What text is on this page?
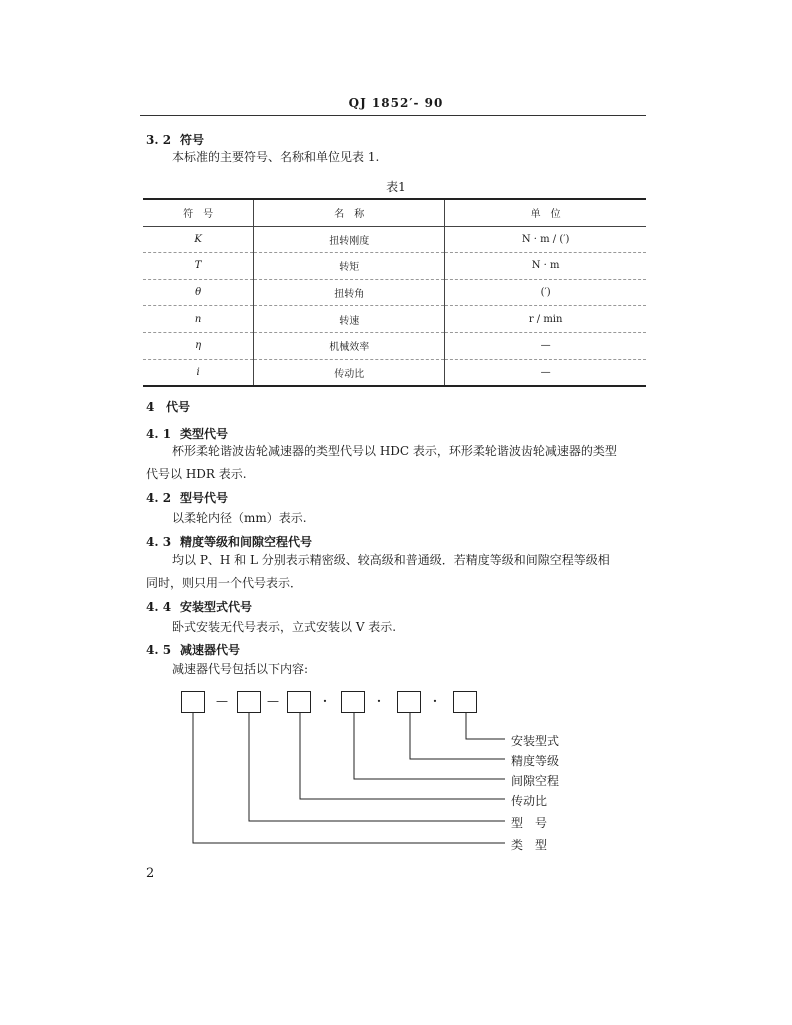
QJ 1852′- 90
3. 2 符号
本标准的主要符号、名称和单位见表 1.
表1
符　号	名　称	单　位
K	扭转刚度	N · m / (′)
T	转矩	N · m
θ	扭转角	(′)
n	转速	r / min
η	机械效率	—
i	传动比	—
4 代号
4. 1 类型代号
杯形柔轮谐波齿轮减速器的类型代号以 HDC 表示，环形柔轮谐波齿轮减速器的类型
代号以 HDR 表示.
4. 2 型号代号
以柔轮内径（mm）表示.
4. 3 精度等级和间隙空程代号
均以 P、H 和 L 分别表示精密级、较高级和普通级．若精度等级和间隙空程等级相
同时，则只用一个代号表示．
4. 4 安装型式代号
卧式安装无代号表示，立式安装以 V 表示.
4. 5 减速器代号
减速器代号包括以下内容:
—	—	·	·	·
安装型式
精度等级
间隙空程
传动比
型　号
类　型
2
